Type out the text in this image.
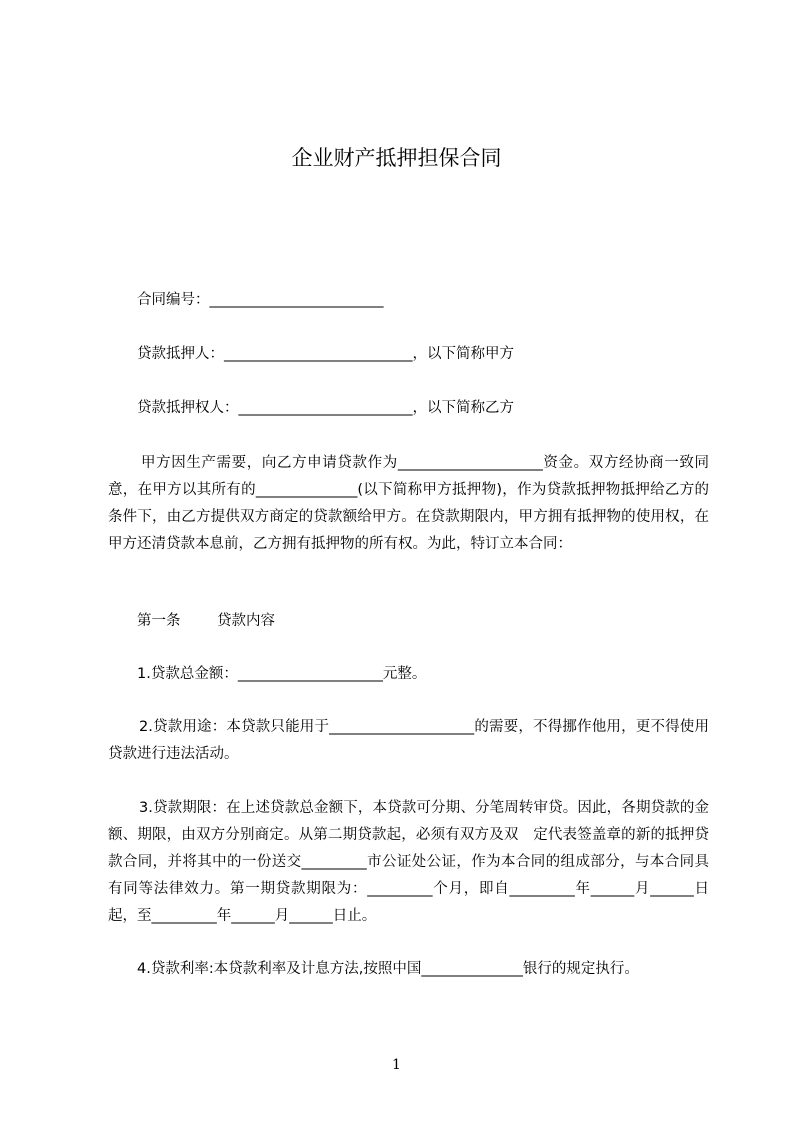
企业财产抵押担保合同
合同编号：________________________
贷款抵押人：__________________________，以下简称甲方
贷款抵押权人：________________________，以下简称乙方
甲方因生产需要，向乙方申请贷款作为____________________资金。双方经协商一致同意，在甲方以其所有的______________(以下简称甲方抵押物)，作为贷款抵押物抵押给乙方的条件下，由乙方提供双方商定的贷款额给甲方。在贷款期限内，甲方拥有抵押物的使用权，在甲方还清贷款本息前，乙方拥有抵押物的所有权。为此，特订立本合同：
第一条	贷款内容
1.贷款总金额：____________________元整。
2.贷款用途：本贷款只能用于____________________的需要，不得挪作他用，更不得使用贷款进行违法活动。
3.贷款期限：在上述贷款总金额下，本贷款可分期、分笔周转审贷。因此，各期贷款的金额、期限，由双方分别商定。从第二期贷款起，必须有双方及双　定代表签盖章的新的抵押贷款合同，并将其中的一份送交_________市公证处公证，作为本合同的组成部分，与本合同具有同等法律效力。第一期贷款期限为：_________个月，即自_________年______月______日起，至_________年______月______日止。
4.贷款利率:本贷款利率及计息方法,按照中国______________银行的规定执行。
1
